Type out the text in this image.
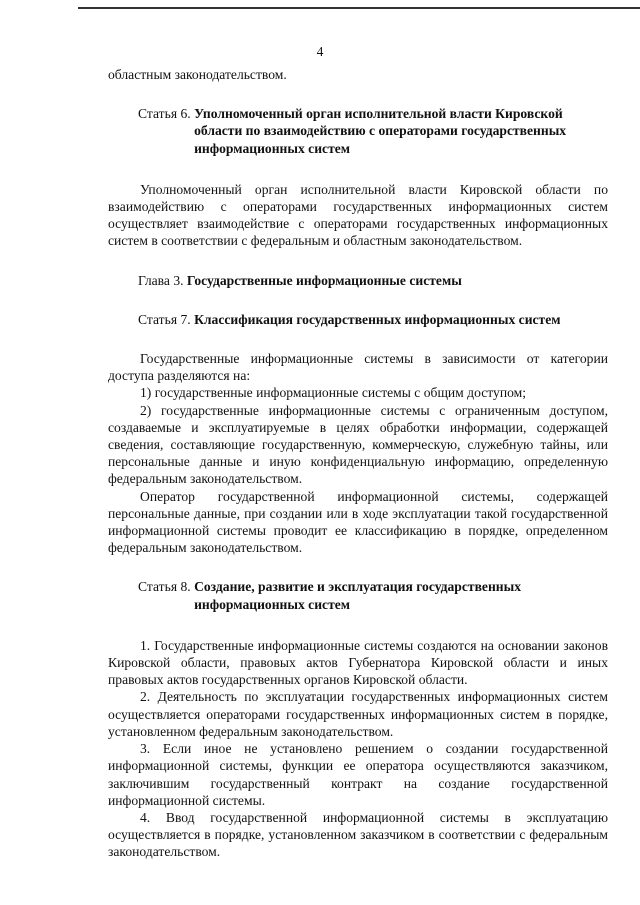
4

областным законодательством.

Статья 6. Уполномоченный орган исполнительной власти Кировской области по взаимодействию с операторами государственных информационных систем

Уполномоченный орган исполнительной власти Кировской области по взаимодействию с операторами государственных информационных систем осуществляет взаимодействие с операторами государственных информационных систем в соответствии с федеральным и областным законодательством.

Глава 3. Государственные информационные системы
Статья 7. Классификация государственных информационных систем

Государственные информационные системы в зависимости от категории доступа разделяются на:

1) государственные информационные системы с общим доступом;

2) государственные информационные системы с ограниченным доступом, создаваемые и эксплуатируемые в целях обработки информации, содержащей сведения, составляющие государственную, коммерческую, служебную тайны, или персональные данные и иную конфиденциальную информацию, определенную федеральным законодательством.

Оператор государственной информационной системы, содержащей персональные данные, при создании или в ходе эксплуатации такой государственной информационной системы проводит ее классификацию в порядке, определенном федеральным законодательством.

Статья 8. Создание, развитие и эксплуатация государственных информационных систем

1. Государственные информационные системы создаются на основании законов Кировской области, правовых актов Губернатора Кировской области и иных правовых актов государственных органов Кировской области.

2. Деятельность по эксплуатации государственных информационных систем осуществляется операторами государственных информационных систем в порядке, установленном федеральным законодательством.

3. Если иное не установлено решением о создании государственной информационной системы, функции ее оператора осуществляются заказчиком, заключившим государственный контракт на создание государственной информационной системы.

4. Ввод государственной информационной системы в эксплуатацию осуществляется в порядке, установленном заказчиком в соответствии с федеральным законодательством.
